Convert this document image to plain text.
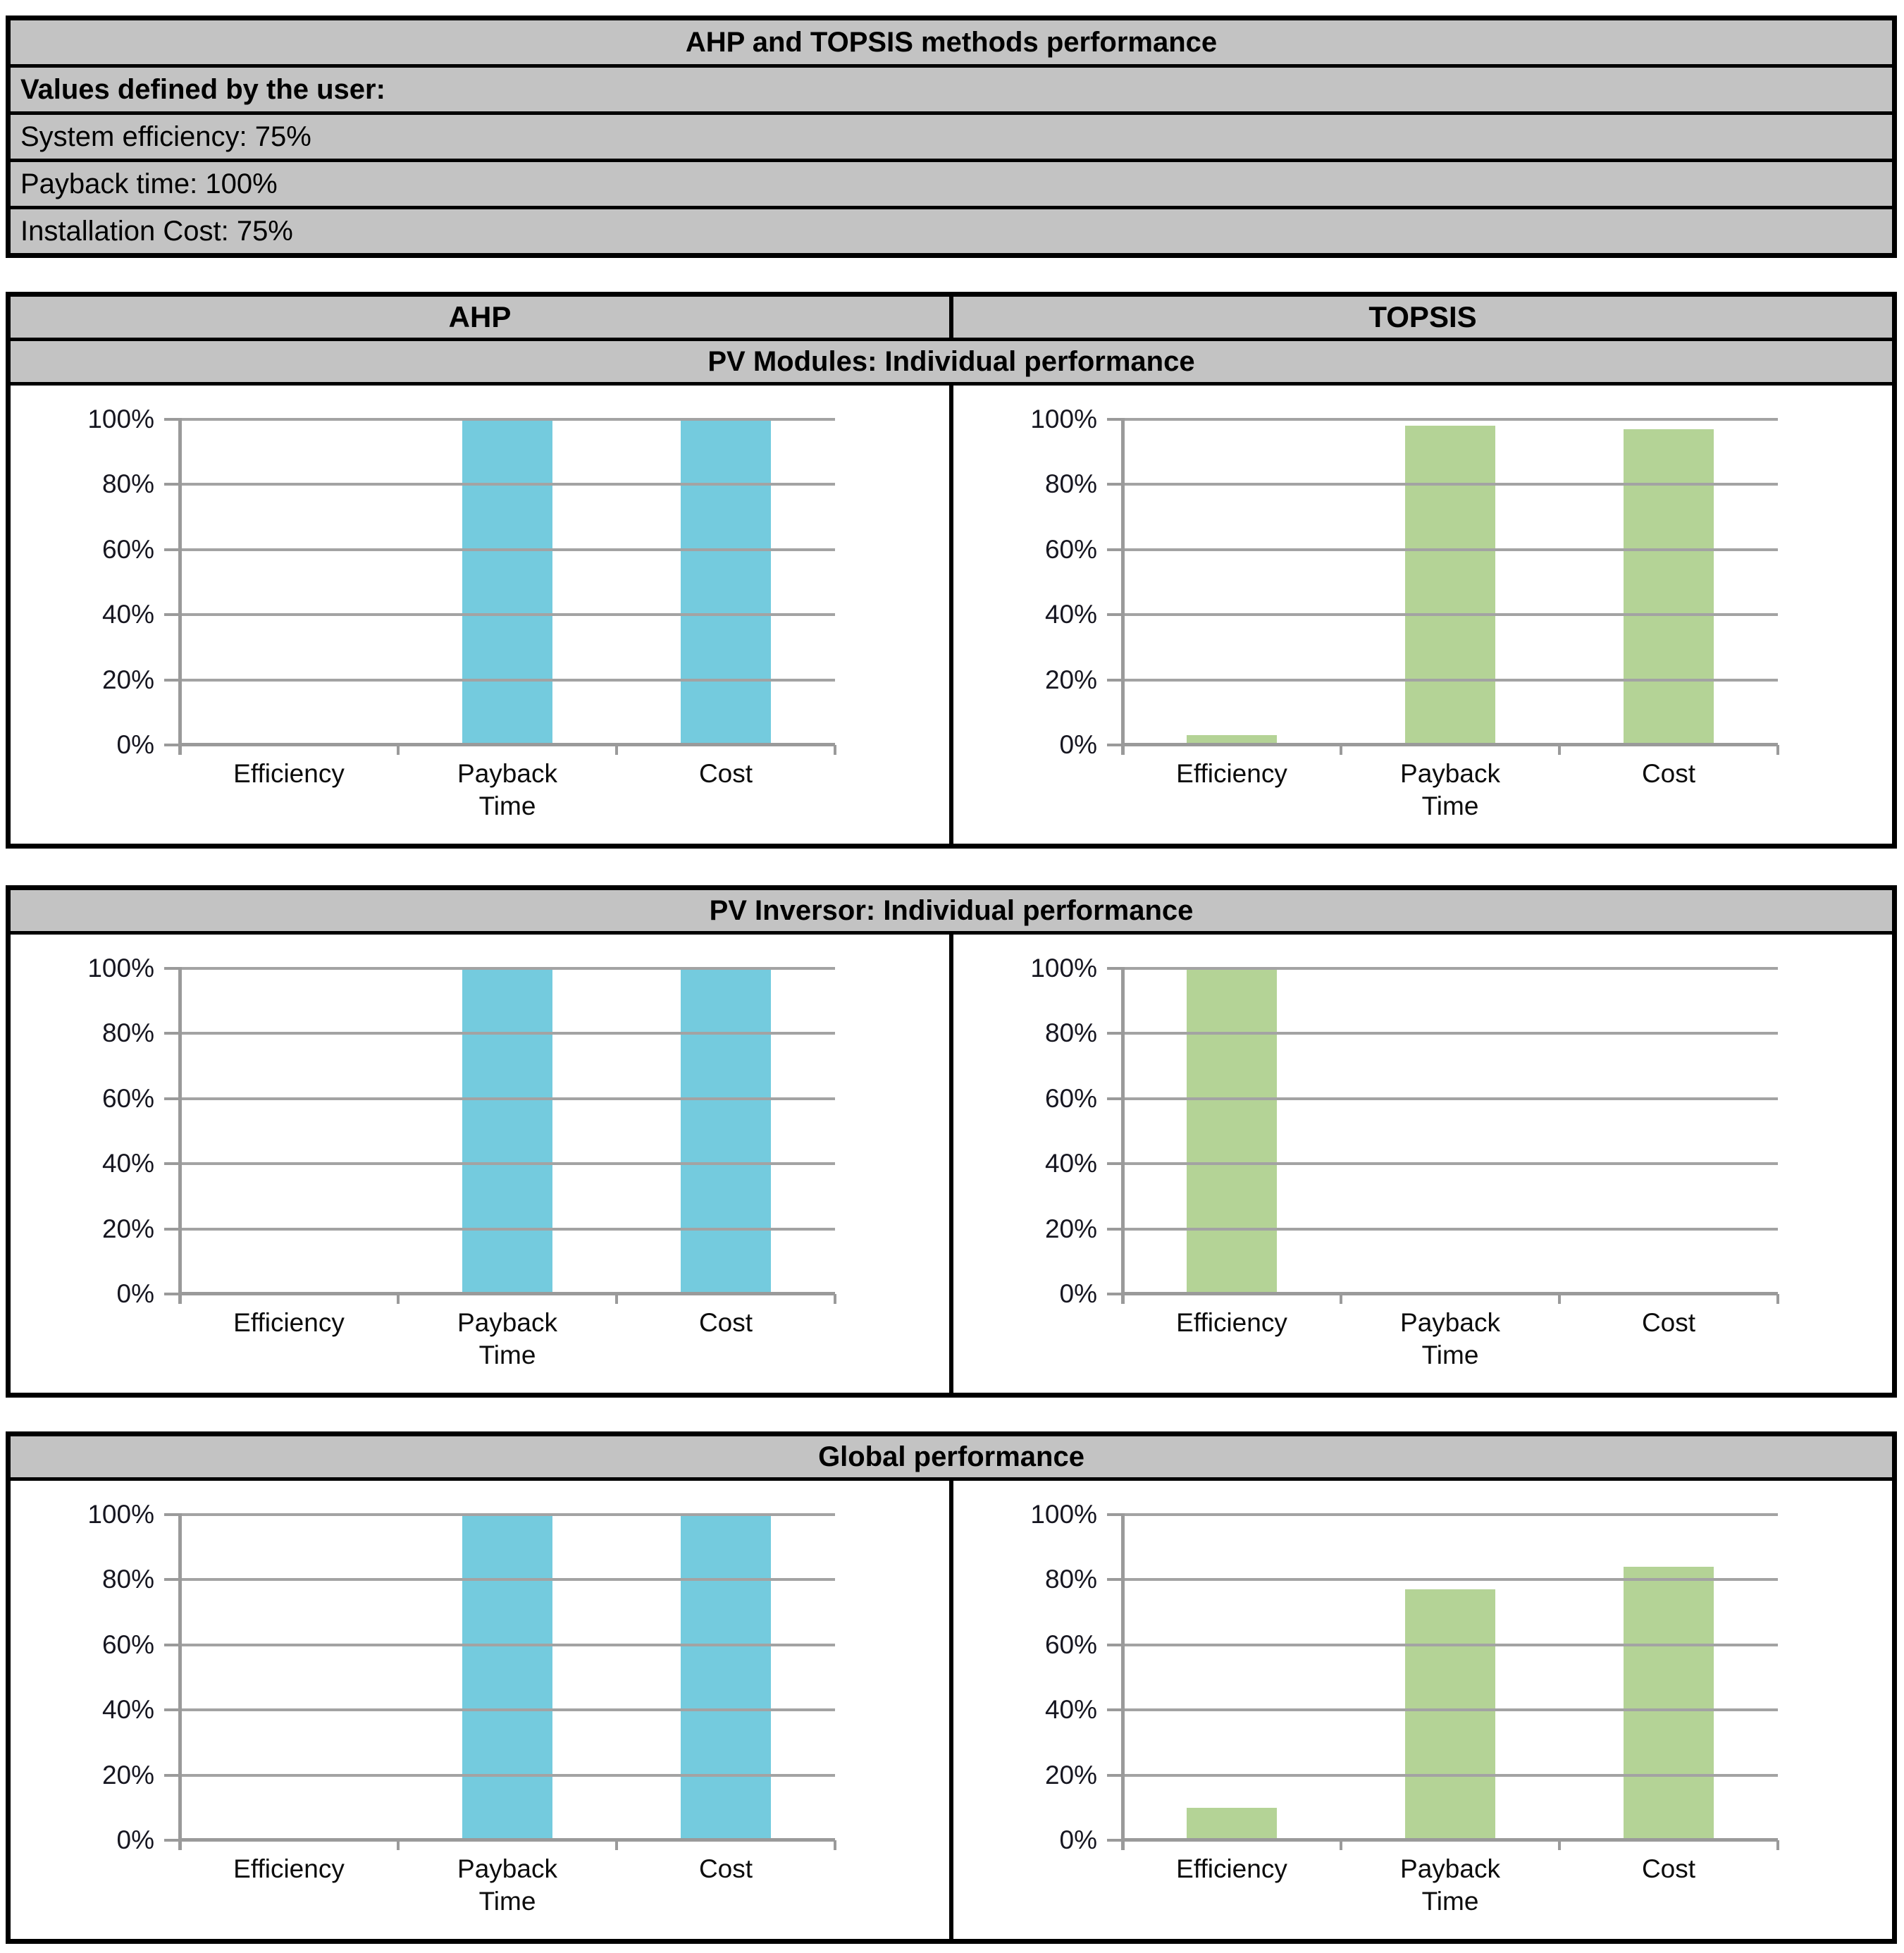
AHP and TOPSIS methods performance
Values defined by the user:
System efficiency: 75%
Payback time: 100%
Installation Cost: 75%
AHP	TOPSIS
PV Modules: Individual performance
0%
20%
40%
60%
80%
100%
Efficiency	Payback Time
Cost
0%
20%
40%
60%
80%
100%
Efficiency	Payback Time
Cost
PV Inversor: Individual performance
0%
20%
40%
60%
80%
100%
Efficiency	Payback Time
Cost
0%
20%
40%
60%
80%
100%
Efficiency	Payback Time
Cost
Global performance
0%
20%
40%
60%
80%
100%
Efficiency	Payback Time
Cost
0%
20%
40%
60%
80%
100%
Efficiency	Payback Time
Cost
